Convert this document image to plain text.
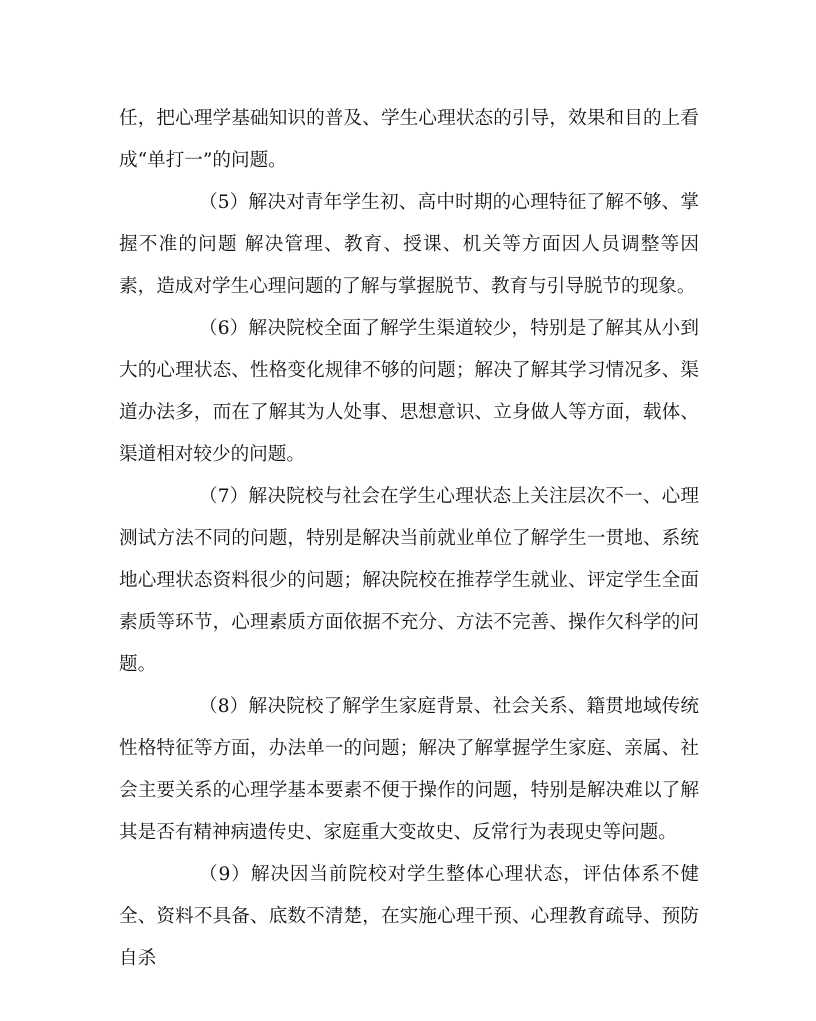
任，把心理学基础知识的普及、学生心理状态的引导，效果和目的上看成“单打一”的问题。

（5）解决对青年学生初、高中时期的心理特征了解不够、掌握不准的问题 解决管理、教育、授课、机关等方面因人员调整等因素，造成对学生心理问题的了解与掌握脱节、教育与引导脱节的现象。

（6）解决院校全面了解学生渠道较少，特别是了解其从小到大的心理状态、性格变化规律不够的问题；解决了解其学习情况多、渠道办法多，而在了解其为人处事、思想意识、立身做人等方面，载体、渠道相对较少的问题。

（7）解决院校与社会在学生心理状态上关注层次不一、心理测试方法不同的问题，特别是解决当前就业单位了解学生一贯地、系统地心理状态资料很少的问题；解决院校在推荐学生就业、评定学生全面素质等环节，心理素质方面依据不充分、方法不完善、操作欠科学的问题。

（8）解决院校了解学生家庭背景、社会关系、籍贯地域传统性格特征等方面，办法单一的问题；解决了解掌握学生家庭、亲属、社会主要关系的心理学基本要素不便于操作的问题，特别是解决难以了解其是否有精神病遗传史、家庭重大变故史、反常行为表现史等问题。

（9）解决因当前院校对学生整体心理状态，评估体系不健全、资料不具备、底数不清楚，在实施心理干预、心理教育疏导、预防自杀
